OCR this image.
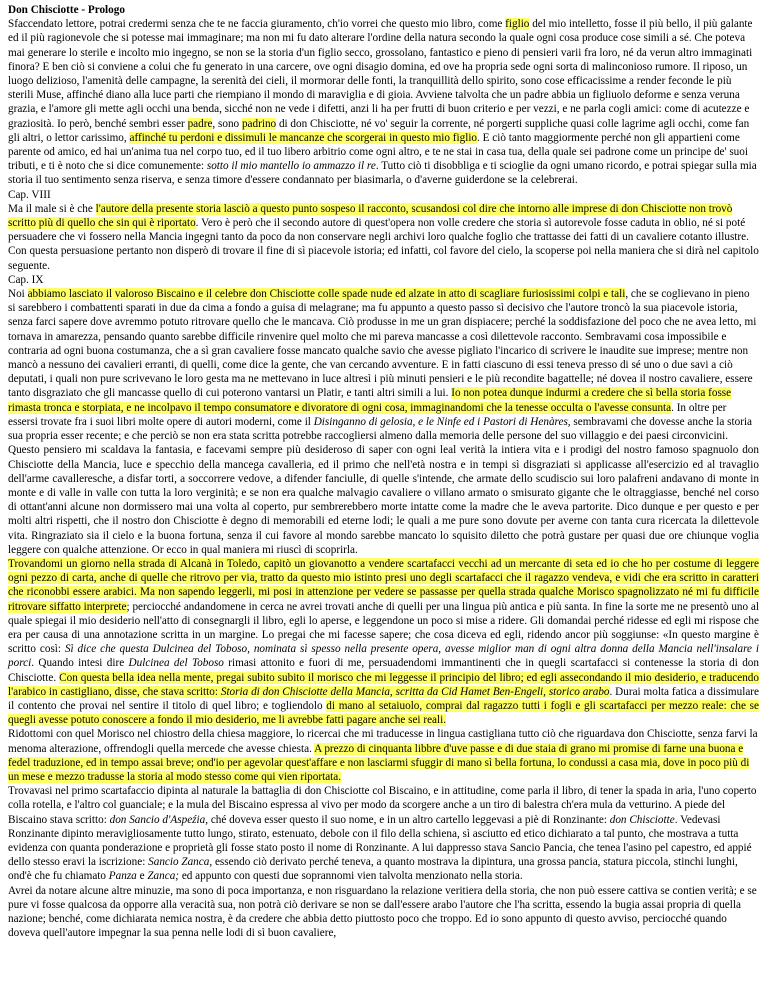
Don Chisciotte - Prologo

Sfaccendato lettore, potrai credermi senza che te ne faccia giuramento, ch'io vorrei che questo mio libro, come figlio del mio intelletto, fosse il più bello, il più galante ed il più ragionevole che si potesse mai immaginare; ma non mi fu dato alterare l'ordine della natura secondo la quale ogni cosa produce cose simili a sé. Che poteva mai generare lo sterile e incolto mio ingegno, se non se la storia d'un figlio secco, grossolano, fantastico e pieno di pensieri varii fra loro, né da verun altro immaginati finora? E ben ciò si conviene a colui che fu generato in una carcere, ove ogni disagio domina, ed ove ha propria sede ogni sorta di malinconioso rumore. Il riposo, un luogo delizioso, l'amenità delle campagne, la serenità dei cieli, il mormorar delle fonti, la tranquillità dello spirito, sono cose efficacissime a render feconde le più sterili Muse, affinché diano alla luce parti che riempiano il mondo di maraviglia e di gioia. Avviene talvolta che un padre abbia un figliuolo deforme e senza veruna grazia, e l'amore gli mette agli occhi una benda, sicché non ne vede i difetti, anzi li ha per frutti di buon criterio e per vezzi, e ne parla cogli amici: come di acutezze e graziosità. Io però, benché sembri esser padre, sono padrino di don Chisciotte, né vo' seguir la corrente, né porgerti suppliche quasi colle lagrime agli occhi, come fan gli altri, o lettor carissimo, affinché tu perdoni e dissimuli le mancanze che scorgerai in questo mio figlio. E ciò tanto maggiormente perché non gli appartieni come parente od amico, ed hai un'anima tua nel corpo tuo, ed il tuo libero arbitrio come ogni altro, e te ne stai in casa tua, della quale sei padrone come un principe de' suoi tributi, e ti è noto che si dice comunemente: sotto il mio mantello io ammazzo il re. Tutto ciò ti disobbliga e ti scioglie da ogni umano ricordo, e potrai spiegar sulla mia storia il tuo sentimento senza riserva, e senza timore d'essere condannato per biasimarla, o d'averne guiderdone se la celebrerai.

Cap. VIII

Ma il male si è che l'autore della presente storia lasciò a questo punto sospeso il racconto, scusandosi col dire che intorno alle imprese di don Chisciotte non trovò scritto più di quello che sin qui è riportato. Vero è però che il secondo autore di quest'opera non volle credere che storia sì autorevole fosse caduta in oblio, né si poté persuadere che vi fossero nella Mancia ingegni tanto da poco da non conservare negli archivi loro qualche foglio che trattasse dei fatti di un cavaliere cotanto illustre. Con questa persuasione pertanto non disperò di trovare il fine di sì piacevole istoria; ed infatti, col favore del cielo, la scoperse poi nella maniera che si dirà nel capitolo seguente.

Cap. IX

Noi abbiamo lasciato il valoroso Biscaino e il celebre don Chisciotte colle spade nude ed alzate in atto di scagliare furiosissimi colpi e tali, che se coglievano in pieno si sarebbero i combattenti sparati in due da cima a fondo a guisa di melagrane; ma fu appunto a questo passo sì decisivo che l'autore troncò la sua piacevole istoria, senza farci sapere dove avremmo potuto ritrovare quello che le mancava. Ciò produsse in me un gran dispiacere; perché la soddisfazione del poco che ne avea letto, mi tornava in amarezza, pensando quanto sarebbe difficile rinvenire quel molto che mi pareva mancasse a così dilettevole racconto. Sembravami cosa impossibile e contraria ad ogni buona costumanza, che a sì gran cavaliere fosse mancato qualche savio che avesse pigliato l'incarico di scrivere le inaudite sue imprese; mentre non mancò a nessuno dei cavalieri erranti, di quelli, come dice la gente, che van cercando avventure. E in fatti ciascuno di essi teneva presso di sé uno o due savi a ciò deputati, i quali non pure scrivevano le loro gesta ma ne mettevano in luce altresì i più minuti pensieri e le più recondite bagattelle; né dovea il nostro cavaliere, essere tanto disgraziato che gli mancasse quello di cui poterono vantarsi un Platir, e tanti altri simili a lui. Io non potea dunque indurmi a credere che sì bella storia fosse rimasta tronca e storpiata, e ne incolpavo il tempo consumatore e divoratore di ogni cosa, immaginandomi che la tenesse occulta o l'avesse consunta. In oltre per essersi trovate fra i suoi libri molte opere di autori moderni, come il Disinganno di gelosia, e le Ninfe ed i Pastori di Henàres, sembravami che dovesse anche la storia sua propria esser recente; e che perciò se non era stata scritta potrebbe raccogliersi almeno dalla memoria delle persone del suo villaggio e dei paesi circonvicini.

Questo pensiero mi scaldava la fantasia, e facevami sempre più desideroso di saper con ogni leal verità la intiera vita e i prodigi del nostro famoso spagnuolo don Chisciotte della Mancia, luce e specchio della mancega cavalleria, ed il primo che nell'età nostra e in tempi sì disgraziati si applicasse all'esercizio ed al travaglio dell'arme cavalleresche, a disfar torti, a soccorrere vedove, a difender fanciulle, di quelle s'intende, che armate dello scudiscio sui loro palafreni andavano di monte in monte e di valle in valle con tutta la loro verginità; e se non era qualche malvagio cavaliere o villano armato o smisurato gigante che le oltraggiasse, benché nel corso di ottant'anni alcune non dormissero mai una volta al coperto, pur sembrerebbero morte intatte come la madre che le aveva partorite. Dico dunque e per questo e per molti altri rispetti, che il nostro don Chisciotte è degno di memorabili ed eterne lodi; le quali a me pure sono dovute per averne con tanta cura ricercata la dilettevole vita. Ringraziato sia il cielo e la buona fortuna, senza il cui favore al mondo sarebbe mancato lo squisito diletto che potrà gustare per quasi due ore chiunque voglia leggere con qualche attenzione. Or ecco in qual maniera mi riuscì di scoprirla.

Trovandomi un giorno nella strada di Alcanà in Toledo, capitò un giovanotto a vendere scartafacci vecchi ad un mercante di seta ed io che ho per costume di leggere ogni pezzo di carta, anche di quelle che ritrovo per via, tratto da questo mio istinto presi uno degli scartafacci che il ragazzo vendeva, e vidi che era scritto in caratteri che riconobbi essere arabici. Ma non sapendo leggerli, mi posi in attenzione per vedere se passasse per quella strada qualche Morisco spagnolizzato né mi fu difficile ritrovare siffatto interprete; perciocché andandomene in cerca ne avrei trovati anche di quelli per una lingua più antica e più santa. In fine la sorte me ne presentò uno al quale spiegai il mio desiderio nell'atto di consegnargli il libro, egli lo aperse, e leggendone un poco si mise a ridere. Gli domandai perché ridesse ed egli mi rispose che era per causa di una annotazione scritta in un margine. Lo pregai che mi facesse sapere; che cosa diceva ed egli, ridendo ancor più soggiunse: «In questo margine è scritto così: Sì dice che questa Dulcinea del Toboso, nominata sì spesso nella presente opera, avesse miglior man di ogni altra donna della Mancia nell'insalare i porci. Quando intesi dire Dulcinea del Toboso rimasi attonito e fuori di me, persuadendomi immantinenti che in quegli scartafacci si contenesse la storia di don Chisciotte. Con questa bella idea nella mente, pregai subito subito il morisco che mi leggesse il principio del libro; ed egli assecondando il mio desiderio, e traducendo l'arabico in castigliano, disse, che stava scritto: Storia di don Chisciotte della Mancia, scritta da Cid Hamet Ben-Engeli, storico arabo. Durai molta fatica a dissimulare il contento che provai nel sentire il titolo di quel libro; e togliendolo di mano al setaiuolo, comprai dal ragazzo tutti i fogli e gli scartafacci per mezzo reale: che se quegli avesse potuto conoscere a fondo il mio desiderio, me li avrebbe fatti pagare anche sei reali.

Ridottomi con quel Morisco nel chiostro della chiesa maggiore, lo ricercai che mi traducesse in lingua castigliana tutto ciò che riguardava don Chisciotte, senza farvi la menoma alterazione, offrendogli quella mercede che avesse chiesta. A prezzo di cinquanta libbre d'uve passe e di due staia di grano mi promise di farne una buona e fedel traduzione, ed in tempo assai breve; ond'io per agevolar quest'affare e non lasciarmi sfuggir di mano sì bella fortuna, lo condussi a casa mia, dove in poco più di un mese e mezzo tradusse la storia al modo stesso come qui vien riportata.

Trovavasi nel primo scartafaccio dipinta al naturale la battaglia di don Chisciotte col Biscaino, e in attitudine, come parla il libro, di tener la spada in aria, l'uno coperto colla rotella, e l'altro col guanciale; e la mula del Biscaino espressa al vivo per modo da scorgere anche a un tiro di balestra ch'era mula da vetturino. A piede del Biscaino stava scritto: don Sancio d'Aspeźia, ché doveva esser questo il suo nome, e in un altro cartello leggevasi a piè di Ronzinante: don Chisciotte. Vedevasi Ronzinante dipinto meravigliosamente tutto lungo, stirato, estenuato, debole con il filo della schiena, sì asciutto ed etico dichiarato a tal punto, che mostrava a tutta evidenza con quanta ponderazione e proprietà gli fosse stato posto il nome di Ronzinante. A lui dappresso stava Sancio Pancia, che tenea l'asino pel capestro, ed appié dello stesso eravi la iscrizione: Sancio Zanca, essendo ciò derivato perché teneva, a quanto mostrava la dipintura, una grossa pancia, statura piccola, stinchi lunghi, ond'è che fu chiamato Panza e Zanca; ed appunto con questi due soprannomi vien talvolta menzionato nella storia.

Avrei da notare alcune altre minuzie, ma sono di poca importanza, e non risguardano la relazione veritiera della storia, che non può essere cattiva se contien verità; e se pure vi fosse qualcosa da opporre alla veracità sua, non potrà ciò derivare se non se dall'essere arabo l'autore che l'ha scritta, essendo la bugia assai propria di quella nazione; benché, come dichiarata nemica nostra, è da credere che abbia detto piuttosto poco che troppo. Ed io sono appunto di questo avviso, perciocché quando doveva quell'autore impegnar la sua penna nelle lodi di sì buon cavaliere,
